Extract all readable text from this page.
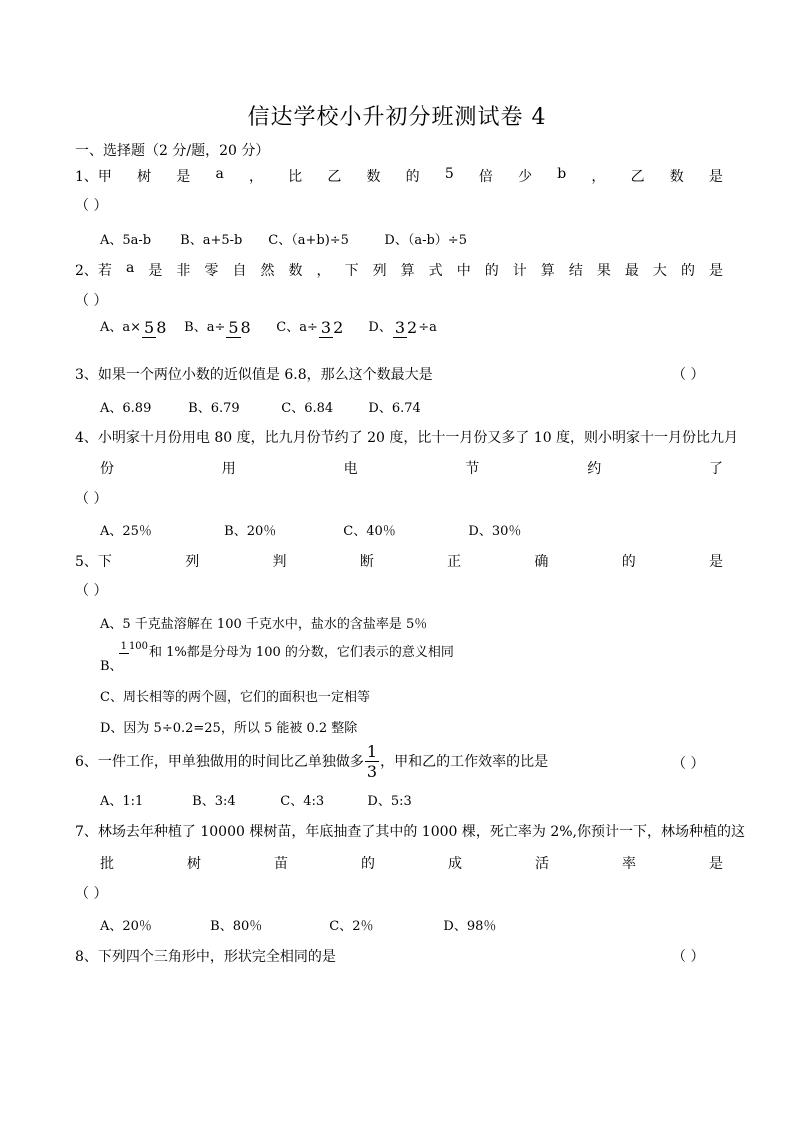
信达学校小升初分班测试卷 4
一、选择题（2 分/题，20 分）
1、甲 树 是 a ， 比 乙 数 的 5 倍 少 b ， 乙 数 是
（ ）
A、5a-b B、a+5-b C、（a+b)÷5	D、（a-b）÷5
2、若 a 是 非 零 自 然 数 ， 下 列 算 式 中 的 计 算 结 果 最 大 的 是
（ ）
A、a× 5 8 B、a÷ 5 8 C、a÷ 3 2 D、 3 2÷a
3、如果一个两位小数的近似值是 6.8，那么这个数最大是	（ ）
A、6.89	B、6.79	C、6.84	D、6.74
4、小明家十月份用电 80 度，比九月份节约了 20 度，比十一月份又多了 10 度，则小明家十一月份比九月
份	用	电	节	约	了
（ ）
A、25％	B、20％	C、40％	D、30％
5、下	列	判	断	正	确	的	是
（ ）
A、5 千克盐溶解在 100 千克水中，盐水的含盐率是 5％
B、1 100和 1%都是分母为 100 的分数，它们表示的意义相同
C、周长相等的两个圆，它们的面积也一定相等
D、因为 5÷0.2=25，所以 5 能被 0.2 整除
6、一件工作，甲单独做用的时间比乙单独做多 $\frac{1}{3}$ ，甲和乙的工作效率的比是	（ ）
A、1:1	B、3:4	C、4:3	D、5:3
7、林场去年种植了 10000 棵树苗，年底抽查了其中的 1000 棵，死亡率为 2%,你预计一下，林场种植的这
批	树	苗	的	成	活	率	是
（ ）
A、20％	B、80％	C、2％	D、98％
8、下列四个三角形中，形状完全相同的是	（ ）
